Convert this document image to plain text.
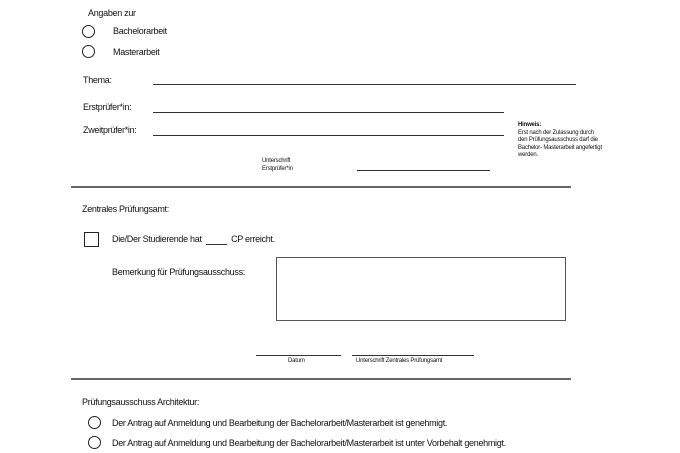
Angaben zur
Bachelorarbeit
Masterarbeit
Thema:
Erstprüfer*in:
Zweitprüfer*in:	Hinweis:
Erst nach der Zulassung durch
den Prüfungsausschuss darf die
Bachelor- Masterarbeit angefertigt
werden.
Unterschrift
Erstprüfer*in
Zentrales Prüfungsamt:
Die/Der Studierende hat	CP erreicht.
Bemerkung für Prüfungsausschuss:
Datum	Unterschrift Zentrales Prüfungsamt
Prüfungsausschuss Architektur:
Der Antrag auf Anmeldung und Bearbeitung der Bachelorarbeit/Masterarbeit ist genehmigt.
Der Antrag auf Anmeldung und Bearbeitung der Bachelorarbeit/Masterarbeit ist unter Vorbehalt genehmigt.
